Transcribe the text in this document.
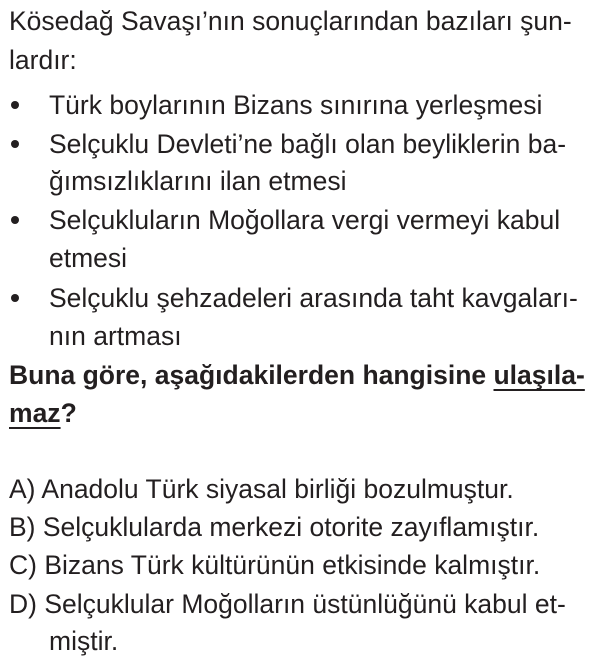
Kösedağ Savaşı’nın sonuçlarından bazıları şun-
lardır:
Türk boylarının Bizans sınırına yerleşmesi
Selçuklu Devleti’ne bağlı olan beyliklerin ba-
ğımsızlıklarını ilan etmesi
Selçukluların Moğollara vergi vermeyi kabul
etmesi
Selçuklu şehzadeleri arasında taht kavgaları-
nın artması
Buna göre, aşağıdakilerden hangisine ulaşıla-
maz?
A) Anadolu Türk siyasal birliği bozulmuştur.
B) Selçuklularda merkezi otorite zayıflamıştır.
C) Bizans Türk kültürünün etkisinde kalmıştır.
D) Selçuklular Moğolların üstünlüğünü kabul et-
miştir.
